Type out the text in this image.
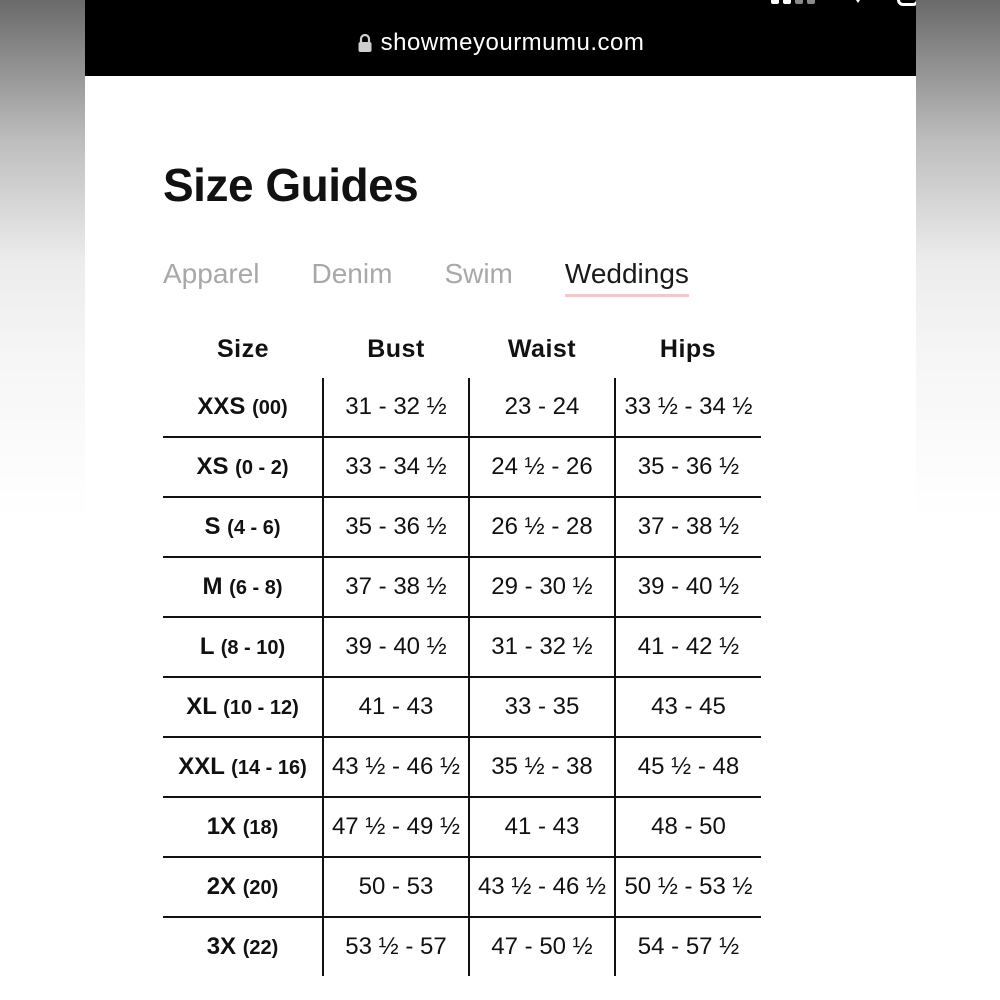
showmeyourmumu.com
Size Guides
Apparel Denim Swim Weddings
Size	Bust	Waist	Hips
XXS (00)	31 - 32 ½	23 - 24	33 ½ - 34 ½
XS (0 - 2)	33 - 34 ½	24 ½ - 26	35 - 36 ½
S (4 - 6)	35 - 36 ½	26 ½ - 28	37 - 38 ½
M (6 - 8)	37 - 38 ½	29 - 30 ½	39 - 40 ½
L (8 - 10)	39 - 40 ½	31 - 32 ½	41 - 42 ½
XL (10 - 12)	41 - 43	33 - 35	43 - 45
XXL (14 - 16)	43 ½ - 46 ½	35 ½ - 38	45 ½ - 48
1X (18)	47 ½ - 49 ½	41 - 43	48 - 50
2X (20)	50 - 53	43 ½ - 46 ½	50 ½ - 53 ½
3X (22)	53 ½ - 57	47 - 50 ½	54 - 57 ½
